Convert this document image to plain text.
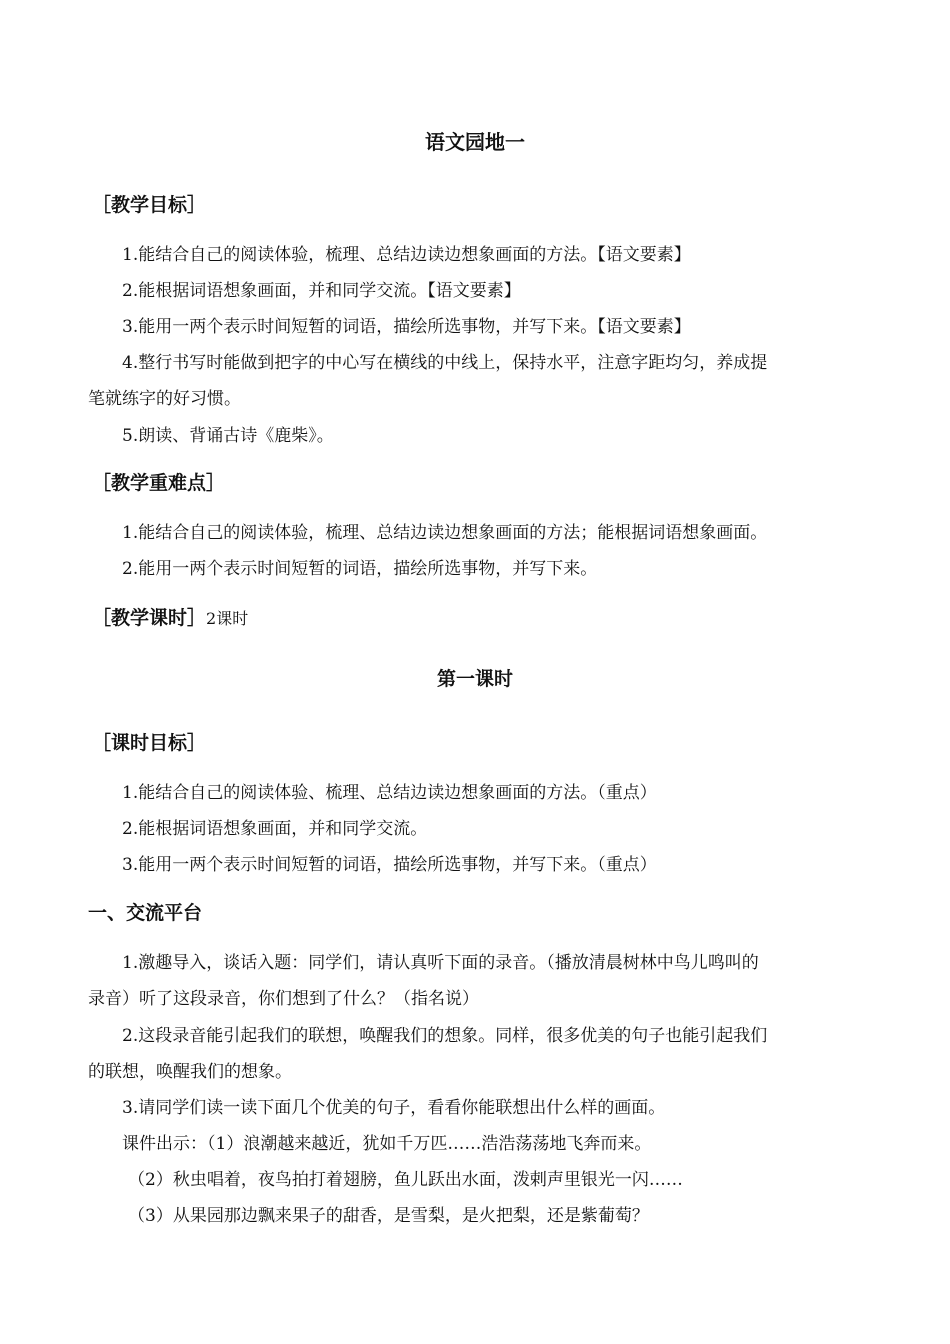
语文园地一
［教学目标］
1.能结合自己的阅读体验，梳理、总结边读边想象画面的方法。【语文要素】
2.能根据词语想象画面，并和同学交流。【语文要素】
3.能用一两个表示时间短暂的词语，描绘所选事物，并写下来。【语文要素】
4.整行书写时能做到把字的中心写在横线的中线上，保持水平，注意字距均匀，养成提
笔就练字的好习惯。
5.朗读、背诵古诗《鹿柴》。
［教学重难点］
1.能结合自己的阅读体验，梳理、总结边读边想象画面的方法；能根据词语想象画面。
2.能用一两个表示时间短暂的词语，描绘所选事物，并写下来。
［教学课时］2课时
第一课时
［课时目标］
1.能结合自己的阅读体验、梳理、总结边读边想象画面的方法。（重点）
2.能根据词语想象画面，并和同学交流。
3.能用一两个表示时间短暂的词语，描绘所选事物，并写下来。（重点）
一、交流平台
1.激趣导入，谈话入题：同学们，请认真听下面的录音。（播放清晨树林中鸟儿鸣叫的
录音）听了这段录音，你们想到了什么？（指名说）
2.这段录音能引起我们的联想，唤醒我们的想象。同样，很多优美的句子也能引起我们
的联想，唤醒我们的想象。
3.请同学们读一读下面几个优美的句子，看看你能联想出什么样的画面。
课件出示：（1）浪潮越来越近，犹如千万匹……浩浩荡荡地飞奔而来。
（2）秋虫唱着，夜鸟拍打着翅膀，鱼儿跃出水面，泼剌声里银光一闪……
（3）从果园那边飘来果子的甜香，是雪梨，是火把梨，还是紫葡萄？
